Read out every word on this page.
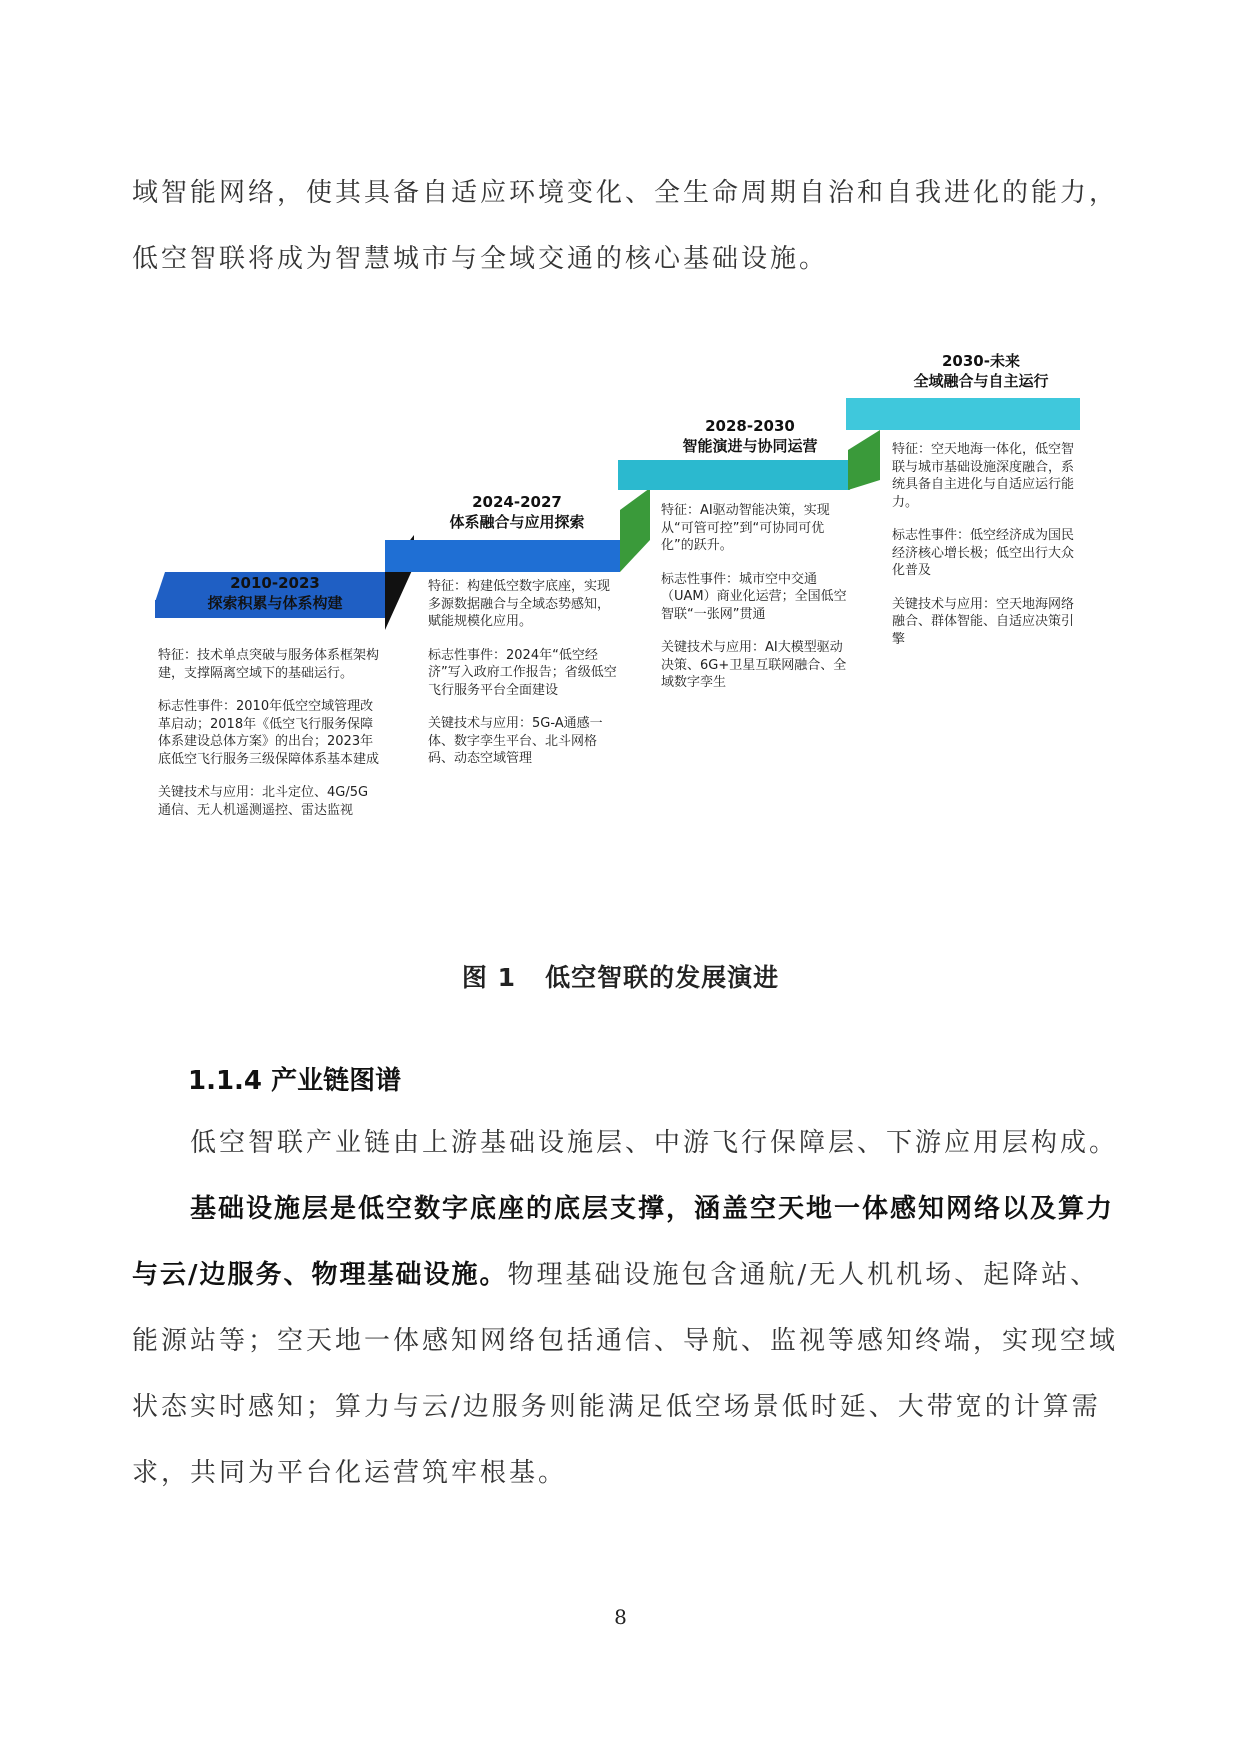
域智能网络，使其具备自适应环境变化、全生命周期自治和自我进化的能力，
低空智联将成为智慧城市与全域交通的核心基础设施。

2010-2023
探索积累与体系构建
2024-2027
体系融合与应用探索
2028-2030
智能演进与协同运营
2030-未来
全域融合与自主运行

特征：技术单点突破与服务体系框架构建，支撑隔离空域下的基础运行。

标志性事件：2010年低空空域管理改革启动；2018年《低空飞行服务保障体系建设总体方案》的出台；2023年底低空飞行服务三级保障体系基本建成

关键技术与应用：北斗定位、4G/5G通信、无人机遥测遥控、雷达监视

特征：构建低空数字底座，实现多源数据融合与全域态势感知，赋能规模化应用。

标志性事件：2024年“低空经济”写入政府工作报告；省级低空飞行服务平台全面建设

关键技术与应用：5G-A通感一体、数字孪生平台、北斗网格码、动态空域管理

特征：AI驱动智能决策，实现从“可管可控”到“可协同可优化”的跃升。

标志性事件：城市空中交通（UAM）商业化运营；全国低空智联“一张网”贯通

关键技术与应用：AI大模型驱动决策、6G+卫星互联网融合、全域数字孪生

特征：空天地海一体化，低空智联与城市基础设施深度融合，系统具备自主进化与自适应运行能力。

标志性事件：低空经济成为国民经济核心增长极；低空出行大众化普及

关键技术与应用：空天地海网络融合、群体智能、自适应决策引擎

图 1   低空智联的发展演进
1.1.4 产业链图谱

低空智联产业链由上游基础设施层、中游飞行保障层、下游应用层构成。

基础设施层是低空数字底座的底层支撑，涵盖空天地一体感知网络以及算力与云/边服务、物理基础设施。物理基础设施包含通航/无人机机场、起降站、能源站等；空天地一体感知网络包括通信、导航、监视等感知终端，实现空域状态实时感知；算力与云/边服务则能满足低空场景低时延、大带宽的计算需求，共同为平台化运营筑牢根基。

8
